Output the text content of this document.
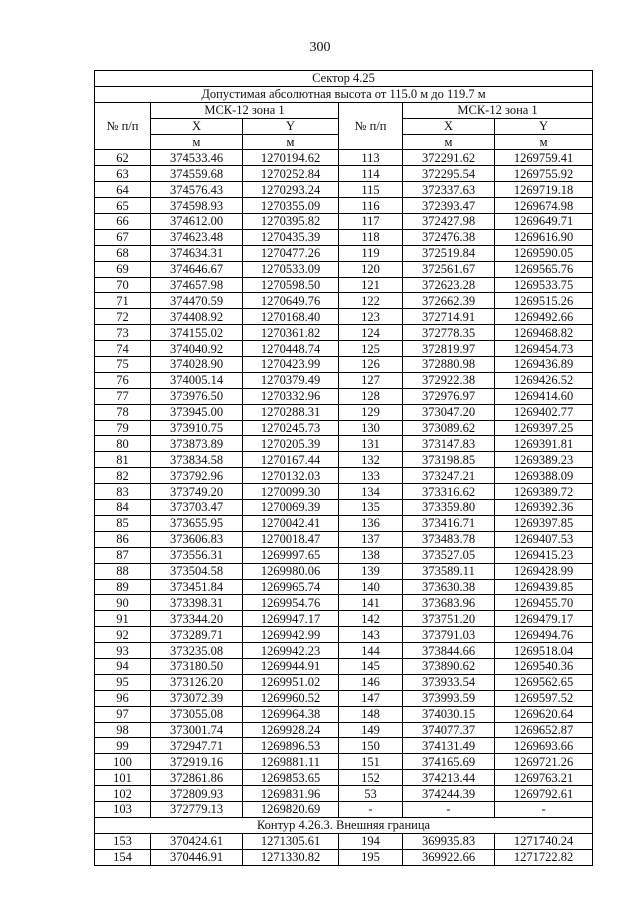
300
Сектор 4.25					
Допустимая абсолютная высота от 115.0 м до 119.7 м					
№ п/п	МСК-12 зона 1		№ п/п	МСК-12 зона 1	
	X	Y		X	Y
	м	м		м	м
62	374533.46	1270194.62	113	372291.62	1269759.41
63	374559.68	1270252.84	114	372295.54	1269755.92
64	374576.43	1270293.24	115	372337.63	1269719.18
65	374598.93	1270355.09	116	372393.47	1269674.98
66	374612.00	1270395.82	117	372427.98	1269649.71
67	374623.48	1270435.39	118	372476.38	1269616.90
68	374634.31	1270477.26	119	372519.84	1269590.05
69	374646.67	1270533.09	120	372561.67	1269565.76
70	374657.98	1270598.50	121	372623.28	1269533.75
71	374470.59	1270649.76	122	372662.39	1269515.26
72	374408.92	1270168.40	123	372714.91	1269492.66
73	374155.02	1270361.82	124	372778.35	1269468.82
74	374040.92	1270448.74	125	372819.97	1269454.73
75	374028.90	1270423.99	126	372880.98	1269436.89
76	374005.14	1270379.49	127	372922.38	1269426.52
77	373976.50	1270332.96	128	372976.97	1269414.60
78	373945.00	1270288.31	129	373047.20	1269402.77
79	373910.75	1270245.73	130	373089.62	1269397.25
80	373873.89	1270205.39	131	373147.83	1269391.81
81	373834.58	1270167.44	132	373198.85	1269389.23
82	373792.96	1270132.03	133	373247.21	1269388.09
83	373749.20	1270099.30	134	373316.62	1269389.72
84	373703.47	1270069.39	135	373359.80	1269392.36
85	373655.95	1270042.41	136	373416.71	1269397.85
86	373606.83	1270018.47	137	373483.78	1269407.53
87	373556.31	1269997.65	138	373527.05	1269415.23
88	373504.58	1269980.06	139	373589.11	1269428.99
89	373451.84	1269965.74	140	373630.38	1269439.85
90	373398.31	1269954.76	141	373683.96	1269455.70
91	373344.20	1269947.17	142	373751.20	1269479.17
92	373289.71	1269942.99	143	373791.03	1269494.76
93	373235.08	1269942.23	144	373844.66	1269518.04
94	373180.50	1269944.91	145	373890.62	1269540.36
95	373126.20	1269951.02	146	373933.54	1269562.65
96	373072.39	1269960.52	147	373993.59	1269597.52
97	373055.08	1269964.38	148	374030.15	1269620.64
98	373001.74	1269928.24	149	374077.37	1269652.87
99	372947.71	1269896.53	150	374131.49	1269693.66
100	372919.16	1269881.11	151	374165.69	1269721.26
101	372861.86	1269853.65	152	374213.44	1269763.21
102	372809.93	1269831.96	53	374244.39	1269792.61
103	372779.13	1269820.69	-	-	-
Контур 4.26.3. Внешняя граница					
153	370424.61	1271305.61	194	369935.83	1271740.24
154	370446.91	1271330.82	195	369922.66	1271722.82
